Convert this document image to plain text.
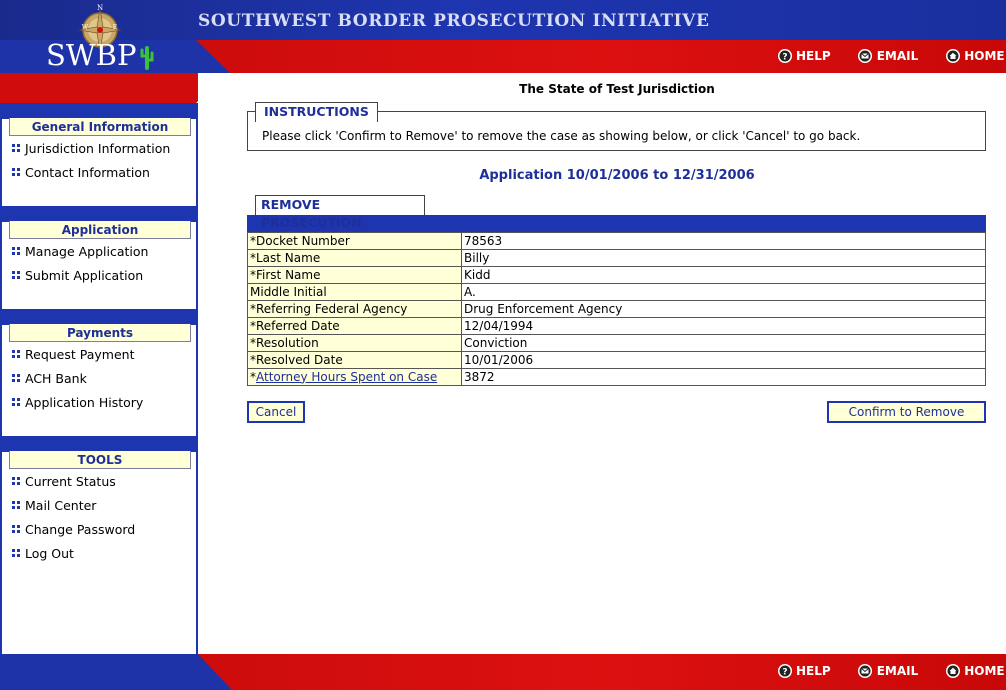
SOUTHWEST BORDER PROSECUTION INITIATIVE
N
W	E
SWBP	? HELP	EMAIL	HOME
General Information
Jurisdiction Information
Contact Information
Application
Manage Application
Submit Application
Payments
Request Payment
ACH Bank
Application History
TOOLS
Current Status
Mail Center
Change Password
Log Out
The State of Test Jurisdiction
INSTRUCTIONS
Please click 'Confirm to Remove' to remove the case as showing below, or click 'Cancel' to go back.
Application 10/01/2006 to 12/31/2006
REMOVE PROSECUTION
*Docket Number	78563
*Last Name	Billy
*First Name	Kidd
Middle Initial	A.
*Referring Federal Agency	Drug Enforcement Agency
*Referred Date	12/04/1994
*Resolution	Conviction
*Resolved Date	10/01/2006
*Attorney Hours Spent on Case	3872
Cancel	Confirm to Remove
? HELP	EMAIL	HOME
